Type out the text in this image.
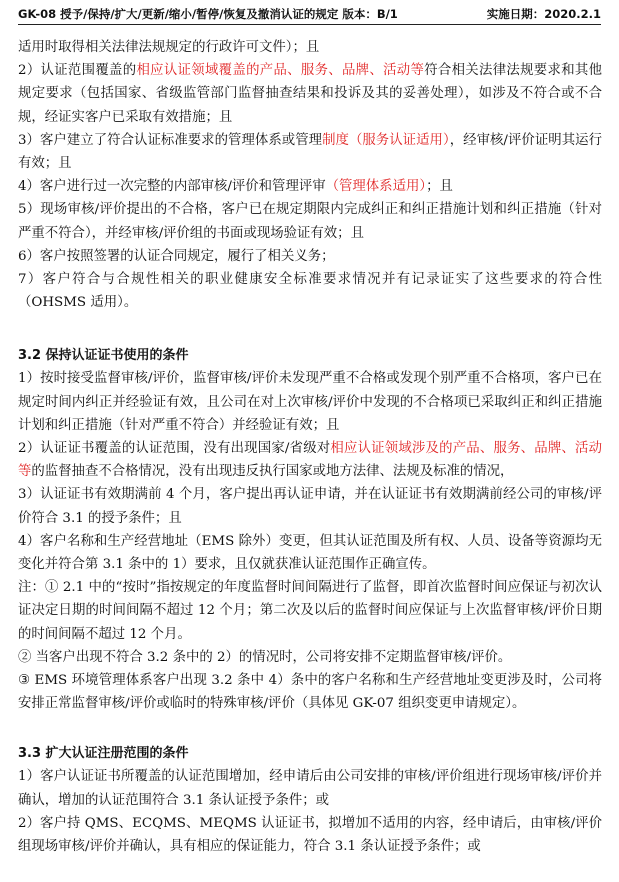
GK-08 授予/保持/扩大/更新/缩小/暂停/恢复及撤消认证的规定 版本：B/1	实施日期：2020.2.1

适用时取得相关法律法规规定的行政许可文件）；且

2）认证范围覆盖的相应认证领域覆盖的产品、服务、品牌、活动等符合相关法律法规要求和其他规定要求（包括国家、省级监管部门监督抽查结果和投诉及其的妥善处理），如涉及不符合或不合规，经证实客户已采取有效措施；且

3）客户建立了符合认证标准要求的管理体系或管理制度（服务认证适用），经审核/评价证明其运行有效；且

4）客户进行过一次完整的内部审核/评价和管理评审（管理体系适用）；且

5）现场审核/评价提出的不合格，客户已在规定期限内完成纠正和纠正措施计划和纠正措施（针对严重不符合），并经审核/评价组的书面或现场验证有效；且

6）客户按照签署的认证合同规定，履行了相关义务；

7）客户符合与合规性相关的职业健康安全标准要求情况并有记录证实了这些要求的符合性（OHSMS 适用）。

3.2 保持认证证书使用的条件

1）按时接受监督审核/评价，监督审核/评价未发现严重不合格或发现个别严重不合格项，客户已在规定时间内纠正并经验证有效，且公司在对上次审核/评价中发现的不合格项已采取纠正和纠正措施计划和纠正措施（针对严重不符合）并经验证有效；且

2）认证证书覆盖的认证范围，没有出现国家/省级对相应认证领域涉及的产品、服务、品牌、活动等的监督抽查不合格情况，没有出现违反执行国家或地方法律、法规及标准的情况，

3）认证证书有效期满前 4 个月，客户提出再认证申请，并在认证证书有效期满前经公司的审核/评价符合 3.1 的授予条件；且

4）客户名称和生产经营地址（EMS 除外）变更，但其认证范围及所有权、人员、设备等资源均无变化并符合第 3.1 条中的 1）要求，且仅就获准认证范围作正确宣传。

注：① 2.1 中的“按时”指按规定的年度监督时间间隔进行了监督，即首次监督时间应保证与初次认证决定日期的时间间隔不超过 12 个月；第二次及以后的监督时间应保证与上次监督审核/评价日期的时间间隔不超过 12 个月。

② 当客户出现不符合 3.2 条中的 2）的情况时，公司将安排不定期监督审核/评价。

③ EMS 环境管理体系客户出现 3.2 条中 4）条中的客户名称和生产经营地址变更涉及时，公司将安排正常监督审核/评价或临时的特殊审核/评价（具体见 GK-07 组织变更申请规定）。

3.3 扩大认证注册范围的条件

1）客户认证证书所覆盖的认证范围增加，经申请后由公司安排的审核/评价组进行现场审核/评价并确认，增加的认证范围符合 3.1 条认证授予条件；或

2）客户持 QMS、ECQMS、MEQMS 认证证书，拟增加不适用的内容，经申请后，由审核/评价组现场审核/评价并确认，具有相应的保证能力，符合 3.1 条认证授予条件；或
